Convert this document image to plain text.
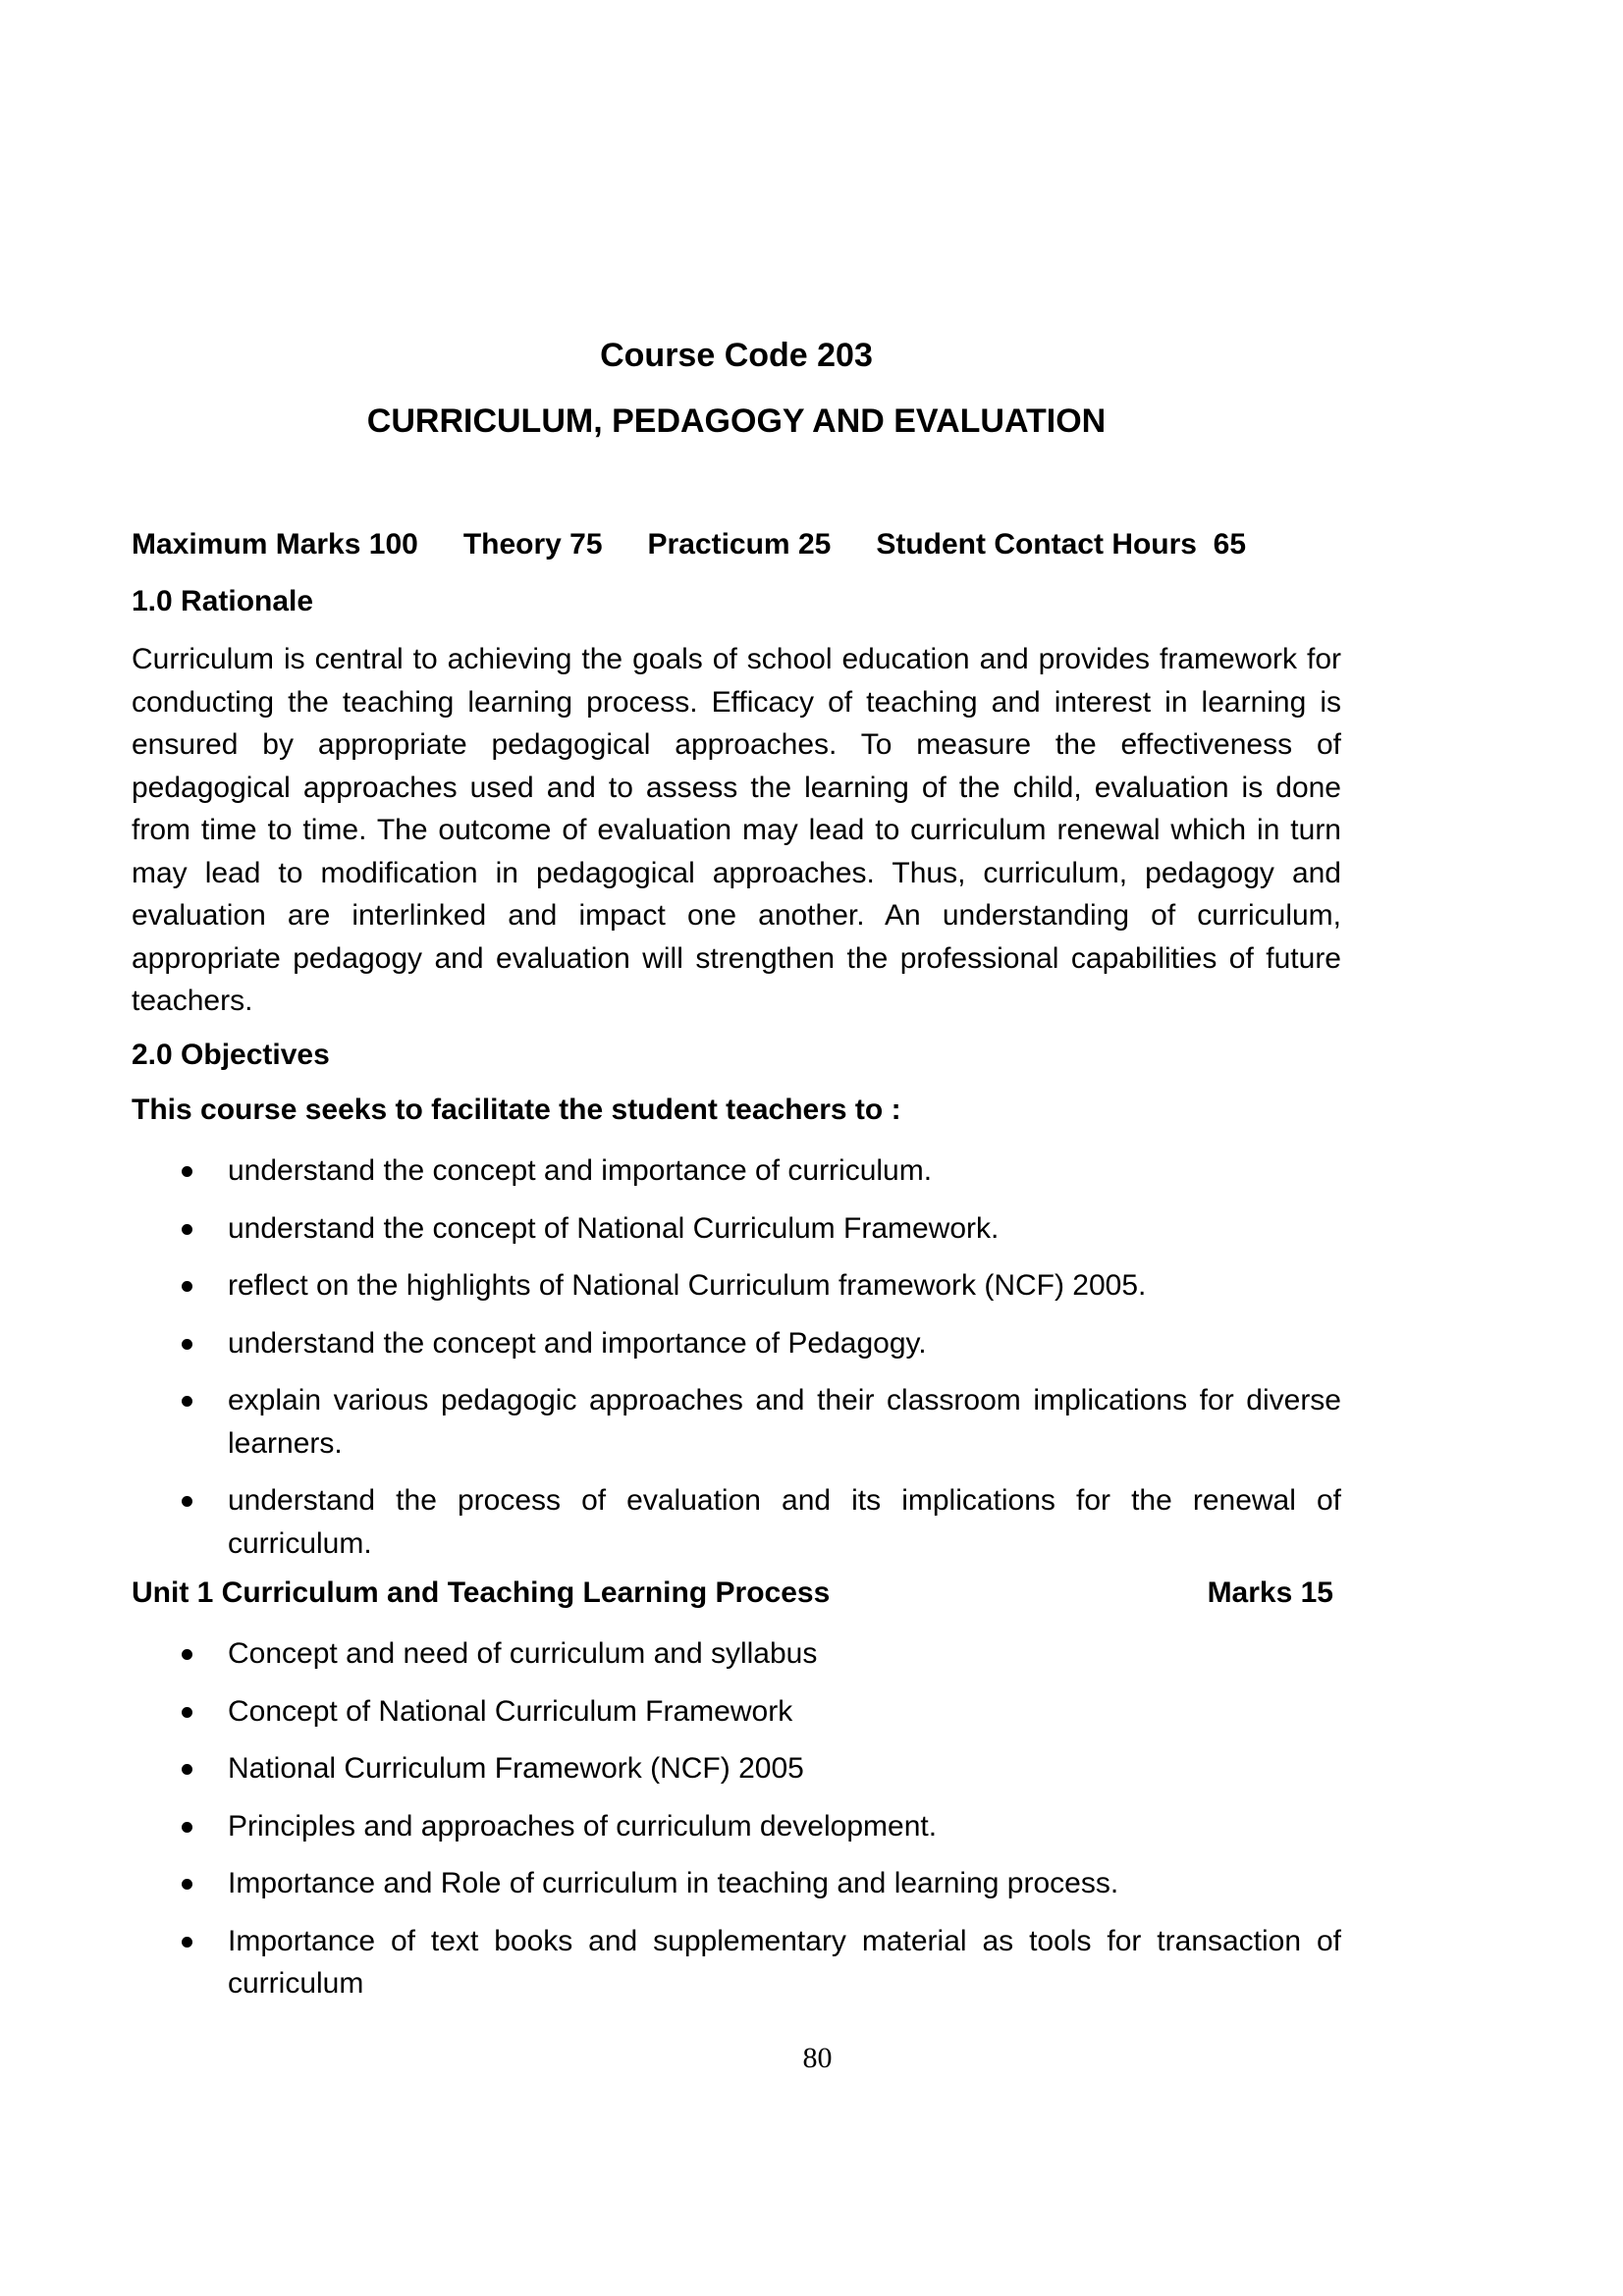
Course Code 203
CURRICULUM, PEDAGOGY AND EVALUATION
Maximum Marks 100 Theory 75 Practicum 25 Student Contact Hours  65
1.0 Rationale
Curriculum is central to achieving the goals of school education and provides framework for conducting the teaching learning process. Efficacy of teaching and interest in learning is ensured by appropriate pedagogical approaches. To measure the effectiveness of pedagogical approaches used and to assess the learning of the child, evaluation is done from time to time. The outcome of evaluation may lead to curriculum renewal which in turn may lead to modification in pedagogical approaches. Thus, curriculum, pedagogy and evaluation are interlinked and impact one another. An understanding of curriculum, appropriate pedagogy and evaluation will strengthen the professional capabilities of future teachers.
2.0 Objectives
This course seeks to facilitate the student teachers to :
understand the concept and importance of curriculum.
understand the concept of National Curriculum Framework.
reflect on the highlights of National Curriculum framework (NCF) 2005.
understand the concept and importance of Pedagogy.
explain various pedagogic approaches and their classroom implications for diverse learners.
understand the process of evaluation and its implications for the renewal of curriculum.
Unit 1 Curriculum and Teaching Learning Process	Marks 15
Concept and need of curriculum and syllabus
Concept of National Curriculum Framework
National Curriculum Framework (NCF) 2005
Principles and approaches of curriculum development.
Importance and Role of curriculum in teaching and learning process.
Importance of text books and supplementary material as tools for transaction of curriculum
80
